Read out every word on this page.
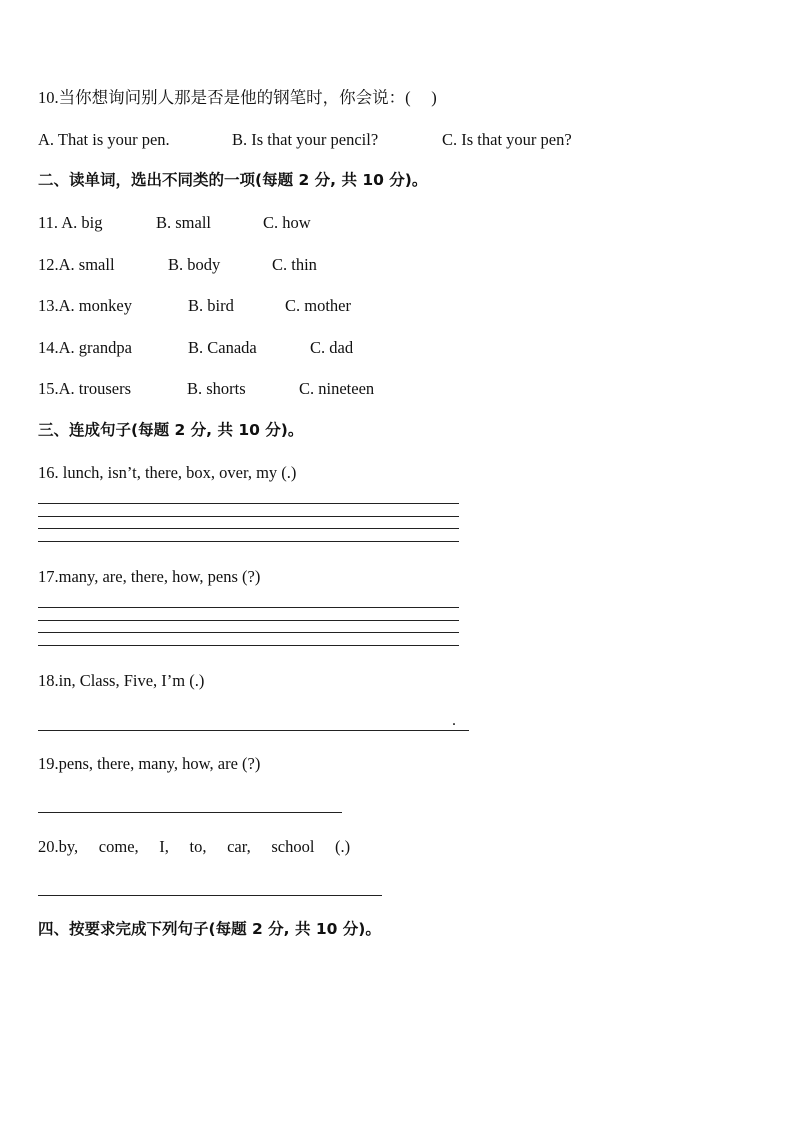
10.当你想询问别人那是否是他的钢笔时，你会说：(     )

A. That is your pen.

	B. Is that your pencil?

	C. Is that your pen?

二、读单词，选出不同类的一项(每题 2 分, 共 10 分)。

11. A. big

	B. small

	C. how

12.A. small

	B. body

	C. thin

13.A. monkey

	B. bird

	C. mother

14.A. grandpa

	B. Canada

	C. dad

15.A. trousers

	B. shorts

	C. nineteen

三、连成句子(每题 2 分, 共 10 分)。
16. lunch, isn’t, there, box, over, my (.)
17.many, are, there, how, pens (?)
18.in, Class, Five, I’m (.)
.
19.pens, there, many, how, are (?)
20.by,     come,     I,     to,     car,     school     (.)
四、按要求完成下列句子(每题 2 分, 共 10 分)。
